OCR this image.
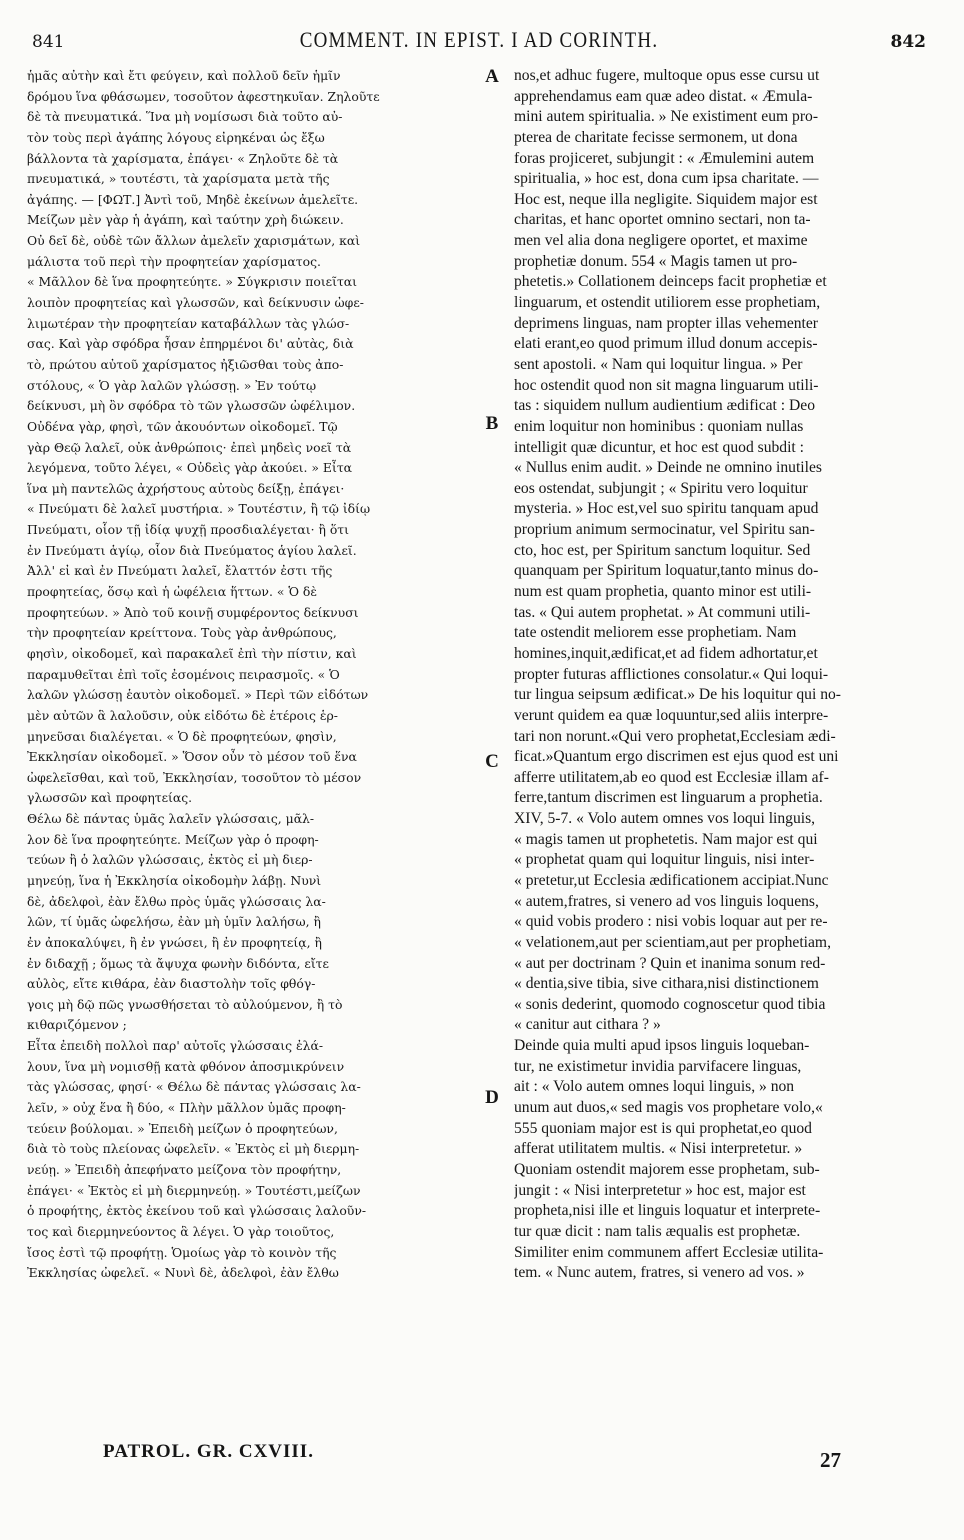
841	COMMENT. IN EPIST. I AD CORINTH.	842
ἡμᾶς αὐτὴν καὶ ἔτι φεύγειν, καὶ πολλοῦ δεῖν ἡμῖν
δρόμου ἵνα φθάσωμεν, τοσοῦτον ἀφεστηκυῖαν. Ζηλοῦτε
δὲ τὰ πνευματικά. Ἵνα μὴ νομίσωσι διὰ τοῦτο αὐ-
τὸν τοὺς περὶ ἀγάπης λόγους εἰρηκέναι ὡς ἔξω
βάλλοντα τὰ χαρίσματα, ἐπάγει· « Ζηλοῦτε δὲ τὰ
πνευματικά, » τουτέστι, τὰ χαρίσματα μετὰ τῆς
ἀγάπης. — [ΦΩΤ.] Ἀντὶ τοῦ, Μηδὲ ἐκείνων ἀμελεῖτε.
Μείζων μὲν γὰρ ἡ ἀγάπη, καὶ ταύτην χρὴ διώκειν.
Οὐ δεῖ δὲ, οὐδὲ τῶν ἄλλων ἀμελεῖν χαρισμάτων, καὶ
μάλιστα τοῦ περὶ τὴν προφητείαν χαρίσματος.
« Μᾶλλον δὲ ἵνα προφητεύητε. » Σύγκρισιν ποιεῖται
λοιπὸν προφητείας καὶ γλωσσῶν, καὶ δείκνυσιν ὠφε-
λιμωτέραν τὴν προφητείαν καταβάλλων τὰς γλώσ-
σας. Καὶ γὰρ σφόδρα ἦσαν ἐπηρμένοι δι' αὐτὰς, διὰ
τὸ, πρώτου αὐτοῦ χαρίσματος ἠξιῶσθαι τοὺς ἀπο-
στόλους, « Ὁ γὰρ λαλῶν γλώσσῃ. » Ἐν τούτῳ
δείκνυσι, μὴ ὂν σφόδρα τὸ τῶν γλωσσῶν ὠφέλιμον.
Οὐδένα γὰρ, φησὶ, τῶν ἀκουόντων οἰκοδομεῖ. Τῷ
γὰρ Θεῷ λαλεῖ, οὐκ ἀνθρώποις· ἐπεὶ μηδεὶς νοεῖ τὰ
λεγόμενα, τοῦτο λέγει, « Οὐδεὶς γὰρ ἀκούει. » Εἶτα
ἵνα μὴ παντελῶς ἀχρήστους αὐτοὺς δείξῃ, ἐπάγει·
« Πνεύματι δὲ λαλεῖ μυστήρια. » Τουτέστιν, ἢ τῷ ἰδίῳ
Πνεύματι, οἷον τῇ ἰδίᾳ ψυχῇ προσδιαλέγεται· ἢ ὅτι
ἐν Πνεύματι ἁγίῳ, οἷον διὰ Πνεύματος ἁγίου λαλεῖ.
Ἀλλ' εἰ καὶ ἐν Πνεύματι λαλεῖ, ἔλαττόν ἐστι τῆς
προφητείας, ὅσῳ καὶ ἡ ὠφέλεια ἥττων. « Ὁ δὲ
προφητεύων. » Ἀπὸ τοῦ κοινῇ συμφέροντος δείκνυσι
τὴν προφητείαν κρείττονα. Τοὺς γὰρ ἀνθρώπους,
φησὶν, οἰκοδομεῖ, καὶ παρακαλεῖ ἐπὶ τὴν πίστιν, καὶ
παραμυθεῖται ἐπὶ τοῖς ἐσομένοις πειρασμοῖς. « Ὁ
λαλῶν γλώσσῃ ἑαυτὸν οἰκοδομεῖ. » Περὶ τῶν εἰδότων
μὲν αὐτῶν ἃ λαλοῦσιν, οὐκ εἰδότω δὲ ἑτέροις ἑρ-
μηνεῦσαι διαλέγεται. « Ὁ δὲ προφητεύων, φησὶν,
Ἐκκλησίαν οἰκοδομεῖ. » Ὅσον οὖν τὸ μέσον τοῦ ἕνα
ὠφελεῖσθαι, καὶ τοῦ, Ἐκκλησίαν, τοσοῦτον τὸ μέσον
γλωσσῶν καὶ προφητείας.
Θέλω δὲ πάντας ὑμᾶς λαλεῖν γλώσσαις, μᾶλ-
λον δὲ ἵνα προφητεύητε. Μείζων γὰρ ὁ προφη-
τεύων ἢ ὁ λαλῶν γλώσσαις, ἐκτὸς εἰ μὴ διερ-
μηνεύῃ, ἵνα ἡ Ἐκκλησία οἰκοδομὴν λάβῃ. Νυνὶ
δὲ, ἀδελφοὶ, ἐὰν ἔλθω πρὸς ὑμᾶς γλώσσαις λα-
λῶν, τί ὑμᾶς ὠφελήσω, ἐὰν μὴ ὑμῖν λαλήσω, ἢ
ἐν ἀποκαλύψει, ἢ ἐν γνώσει, ἢ ἐν προφητείᾳ, ἢ
ἐν διδαχῇ ; ὅμως τὰ ἄψυχα φωνὴν διδόντα, εἴτε
αὐλὸς, εἴτε κιθάρα, ἐὰν διαστολὴν τοῖς φθόγ-
γοις μὴ δῷ πῶς γνωσθήσεται τὸ αὐλούμενον, ἢ τὸ
κιθαριζόμενον ;
Εἶτα ἐπειδὴ πολλοὶ παρ' αὐτοῖς γλώσσαις ἐλά-
λουν, ἵνα μὴ νομισθῇ κατὰ φθόνον ἀποσμικρύνειν
τὰς γλώσσας, φησί· « Θέλω δὲ πάντας γλώσσαις λα-
λεῖν, » οὐχ ἕνα ἢ δύο, « Πλὴν μᾶλλον ὑμᾶς προφη-
τεύειν βούλομαι. » Ἐπειδὴ μείζων ὁ προφητεύων,
διὰ τὸ τοὺς πλείονας ὠφελεῖν. « Ἐκτὸς εἰ μὴ διερμη-
νεύῃ. » Ἐπειδὴ ἀπεφήνατο μείζονα τὸν προφήτην,
ἐπάγει· « Ἐκτὸς εἰ μὴ διερμηνεύῃ. » Τουτέστι,μείζων
ὁ προφήτης, ἐκτὸς ἐκείνου τοῦ καὶ γλώσσαις λαλοῦν-
τος καὶ διερμηνεύοντος ἃ λέγει. Ὁ γὰρ τοιοῦτος,
ἴσος ἐστὶ τῷ προφήτῃ. Ὁμοίως γὰρ τὸ κοινὸν τῆς
Ἐκκλησίας ὠφελεῖ. « Νυνὶ δὲ, ἀδελφοὶ, ἐὰν ἔλθω
A
B
C
D
nos,et adhuc fugere, multoque opus esse cursu ut
apprehendamus eam quæ adeo distat. « Æmula-
mini autem spiritualia. » Ne existiment eum pro-
pterea de charitate fecisse sermonem, ut dona
foras projiceret, subjungit : « Æmulemini autem
spiritualia, » hoc est, dona cum ipsa charitate. —
Hoc est, neque illa negligite. Siquidem major est
charitas, et hanc oportet omnino sectari, non ta-
men vel alia dona negligere oportet, et maxime
prophetiæ donum. 554 « Magis tamen ut pro-
phetetis.» Collationem deinceps facit prophetiæ et
linguarum, et ostendit utiliorem esse prophetiam,
deprimens linguas, nam propter illas vehementer
elati erant,eo quod primum illud donum accepis-
sent apostoli. « Nam qui loquitur lingua. » Per
hoc ostendit quod non sit magna linguarum utili-
tas : siquidem nullum audientium ædificat : Deo
enim loquitur non hominibus : quoniam nullas
intelligit quæ dicuntur, et hoc est quod subdit :
« Nullus enim audit. » Deinde ne omnino inutiles
eos ostendat, subjungit ; « Spiritu vero loquitur
mysteria. » Hoc est,vel suo spiritu tanquam apud
proprium animum sermocinatur, vel Spiritu san-
cto, hoc est, per Spiritum sanctum loquitur. Sed
quanquam per Spiritum loquatur,tanto minus do-
num est quam prophetia, quanto minor est utili-
tas. « Qui autem prophetat. » At communi utili-
tate ostendit meliorem esse prophetiam. Nam
homines,inquit,ædificat,et ad fidem adhortatur,et
propter futuras afflictiones consolatur.« Qui loqui-
tur lingua seipsum ædificat.» De his loquitur qui no-
verunt quidem ea quæ loquuntur,sed aliis interpre-
tari non norunt.«Qui vero prophetat,Ecclesiam ædi-
ficat.»Quantum ergo discrimen est ejus quod est uni
afferre utilitatem,ab eo quod est Ecclesiæ illam af-
ferre,tantum discrimen est linguarum a prophetia.
XIV, 5-7. « Volo autem omnes vos loqui linguis,
« magis tamen ut prophetetis. Nam major est qui
« prophetat quam qui loquitur linguis, nisi inter-
« pretetur,ut Ecclesia ædificationem accipiat.Nunc
« autem,fratres, si venero ad vos linguis loquens,
« quid vobis prodero : nisi vobis loquar aut per re-
« velationem,aut per scientiam,aut per prophetiam,
« aut per doctrinam ? Quin et inanima sonum red-
« dentia,sive tibia, sive cithara,nisi distinctionem
« sonis dederint, quomodo cognoscetur quod tibia
« canitur aut cithara ? »
Deinde quia multi apud ipsos linguis loqueban-
tur, ne existimetur invidia parvifacere linguas,
ait : « Volo autem omnes loqui linguis, » non
unum aut duos,« sed magis vos prophetare volo,«
555 quoniam major est is qui prophetat,eo quod
afferat utilitatem multis. « Nisi interpretetur. »
Quoniam ostendit majorem esse prophetam, sub-
jungit : « Nisi interpretetur » hoc est, major est
propheta,nisi ille et linguis loquatur et interprete-
tur quæ dicit : nam talis æqualis est prophetæ.
Similiter enim communem affert Ecclesiæ utilita-
tem. « Nunc autem, fratres, si venero ad vos. »
PATROL. GR. CXVIII.	27
